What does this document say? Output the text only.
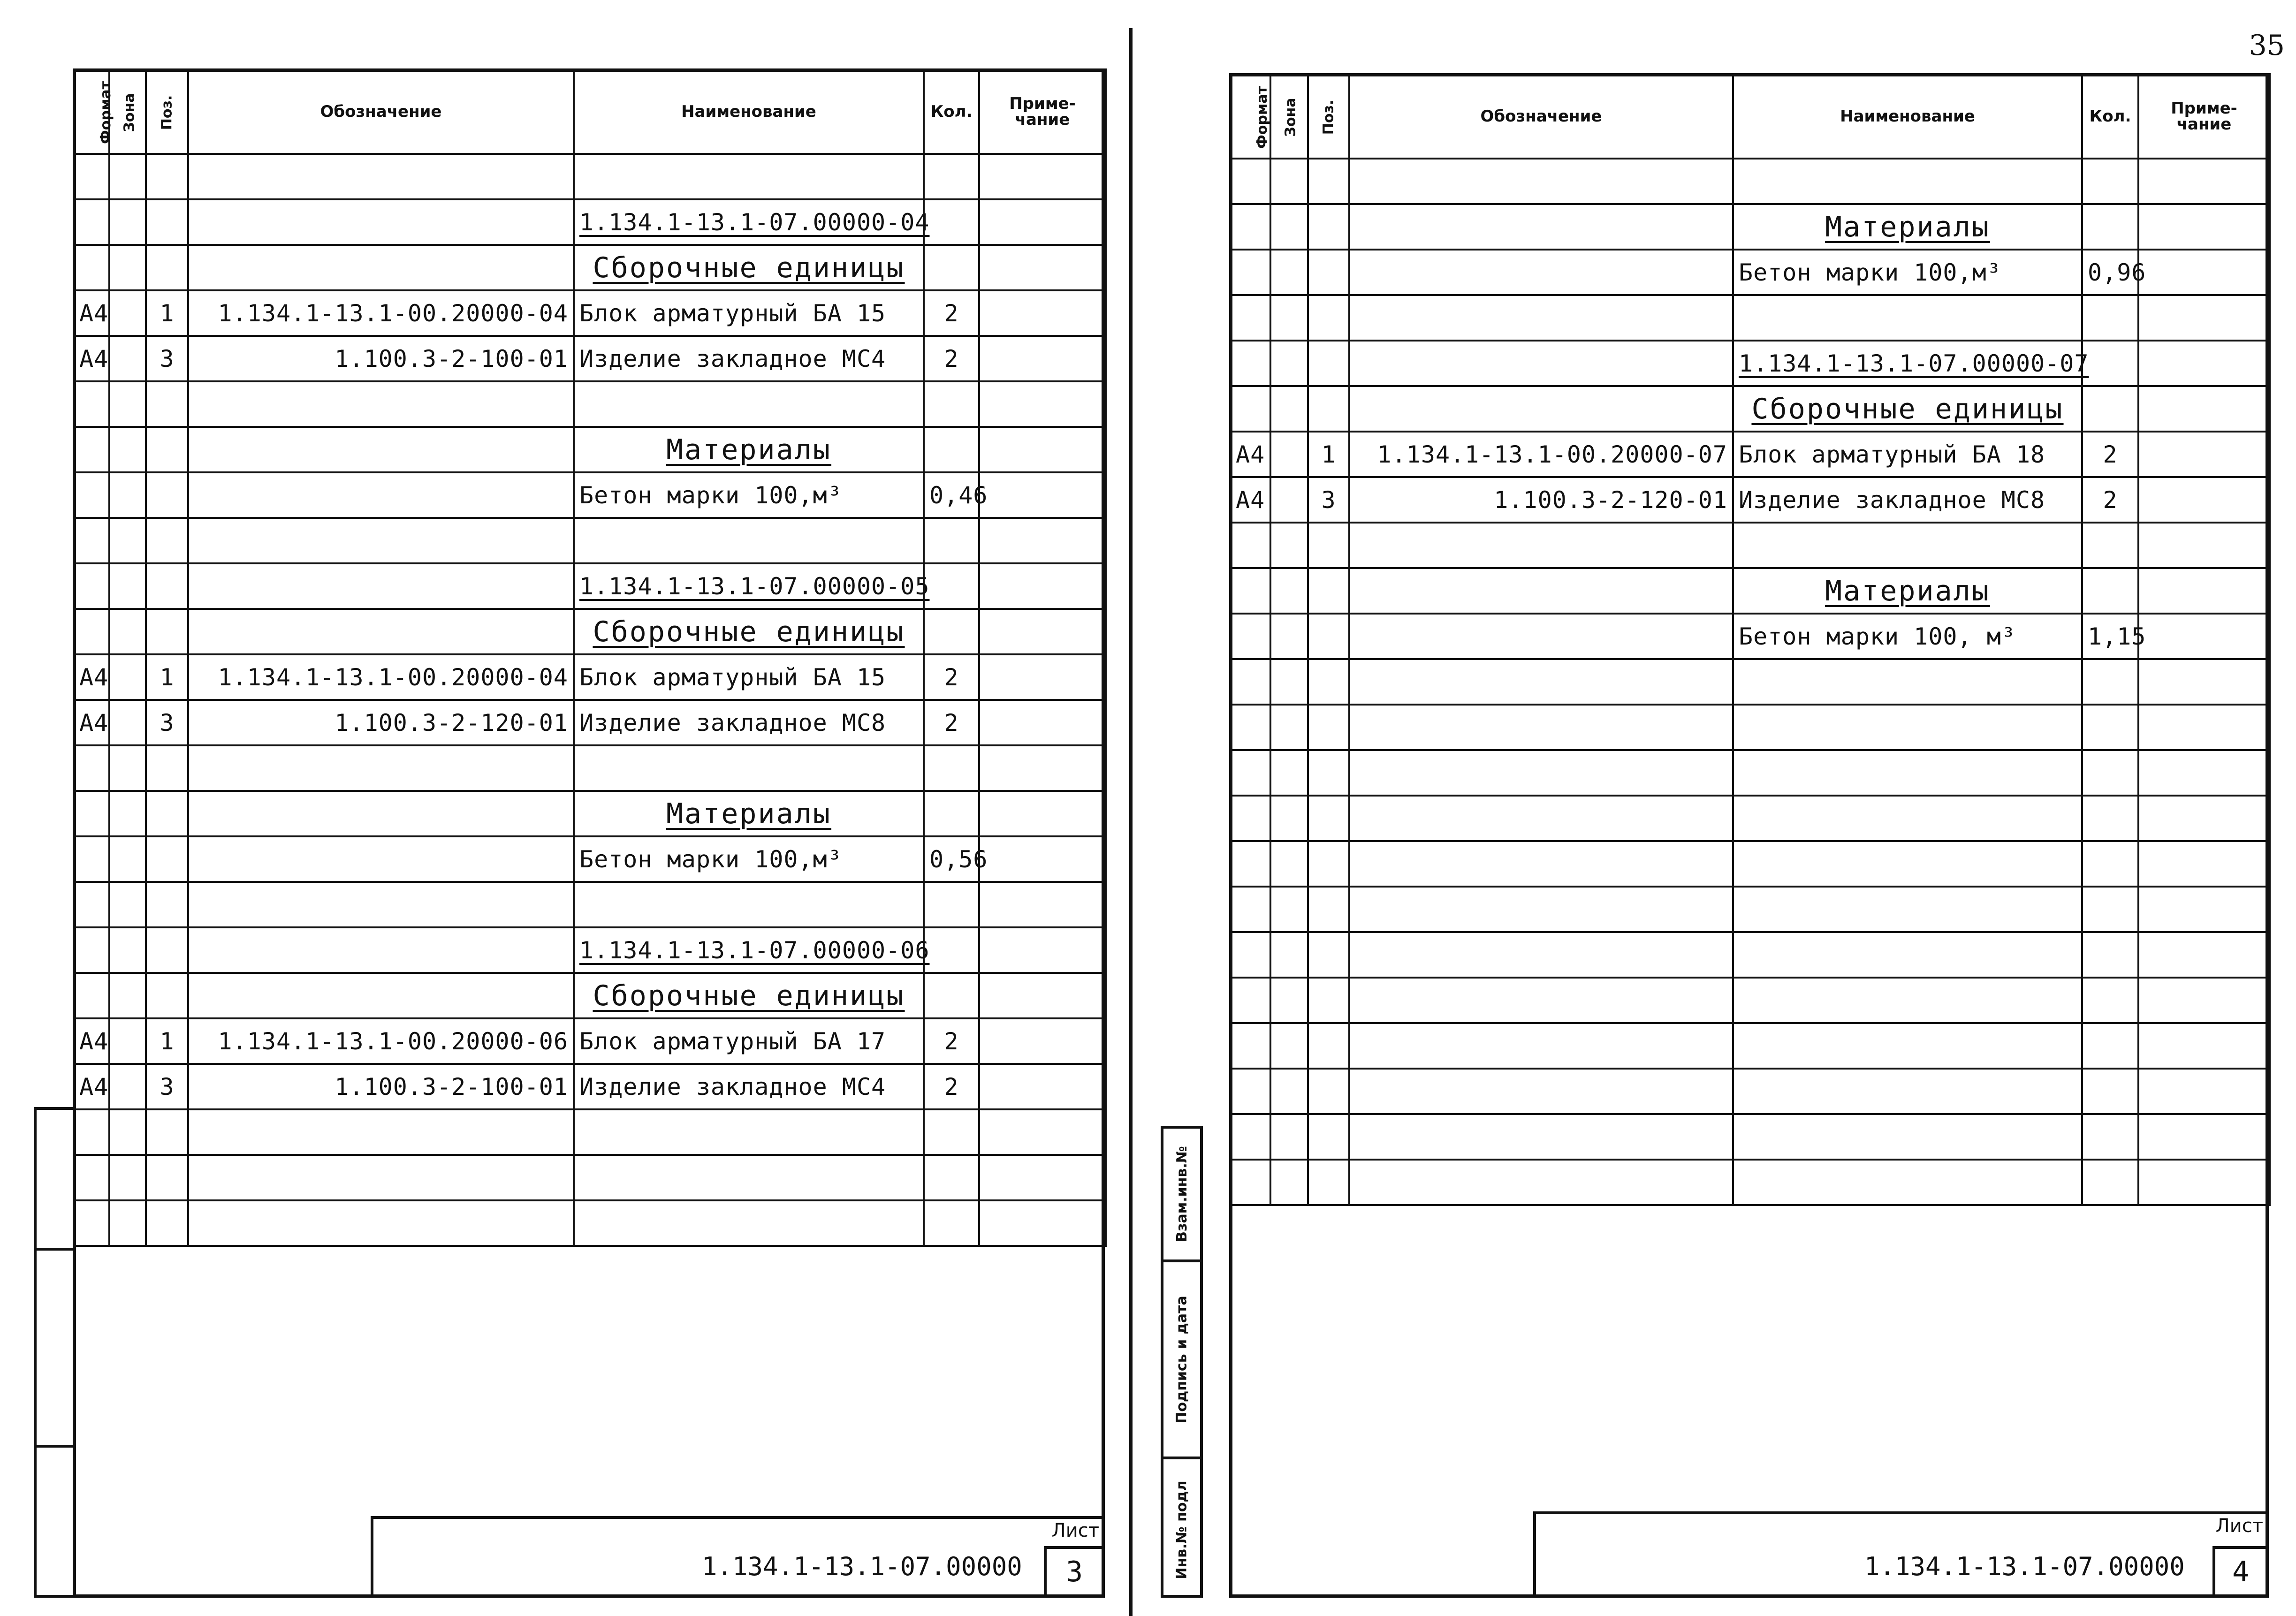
35
Формат	Зона	Поз.	Обозначение	Наименование	Кол.	Приме-
чание

				1.134.1-13.1-07.00000-04		
				Сборочные единицы		
А4		1	1.134.1-13.1-00.20000-04	Блок арматурный БА 15	2	
А4		3	1.100.3-2-100-01	Изделие закладное МС4	2	

				Материалы		
				Бетон марки 100,м³	0,46	

				1.134.1-13.1-07.00000-05		
				Сборочные единицы		
А4		1	1.134.1-13.1-00.20000-04	Блок арматурный БА 15	2	
А4		3	1.100.3-2-120-01	Изделие закладное МС8	2	

				Материалы		
				Бетон марки 100,м³	0,56	

				1.134.1-13.1-07.00000-06		
				Сборочные единицы		
А4		1	1.134.1-13.1-00.20000-06	Блок арматурный БА 17	2	
А4		3	1.100.3-2-100-01	Изделие закладное МС4	2	

1.134.1-13.1-07.00000
Лист
3
Взам.инв.№
Подпись и дата
Инв.№ подл
Формат	Зона	Поз.	Обозначение	Наименование	Кол.	Приме-
чание

				Материалы		
				Бетон марки 100,м³	0,96	

				1.134.1-13.1-07.00000-07		
				Сборочные единицы		
А4		1	1.134.1-13.1-00.20000-07	Блок арматурный БА 18	2	
А4		3	1.100.3-2-120-01	Изделие закладное МС8	2	

				Материалы		
				Бетон марки 100, м³	1,15	

1.134.1-13.1-07.00000
Лист
4
